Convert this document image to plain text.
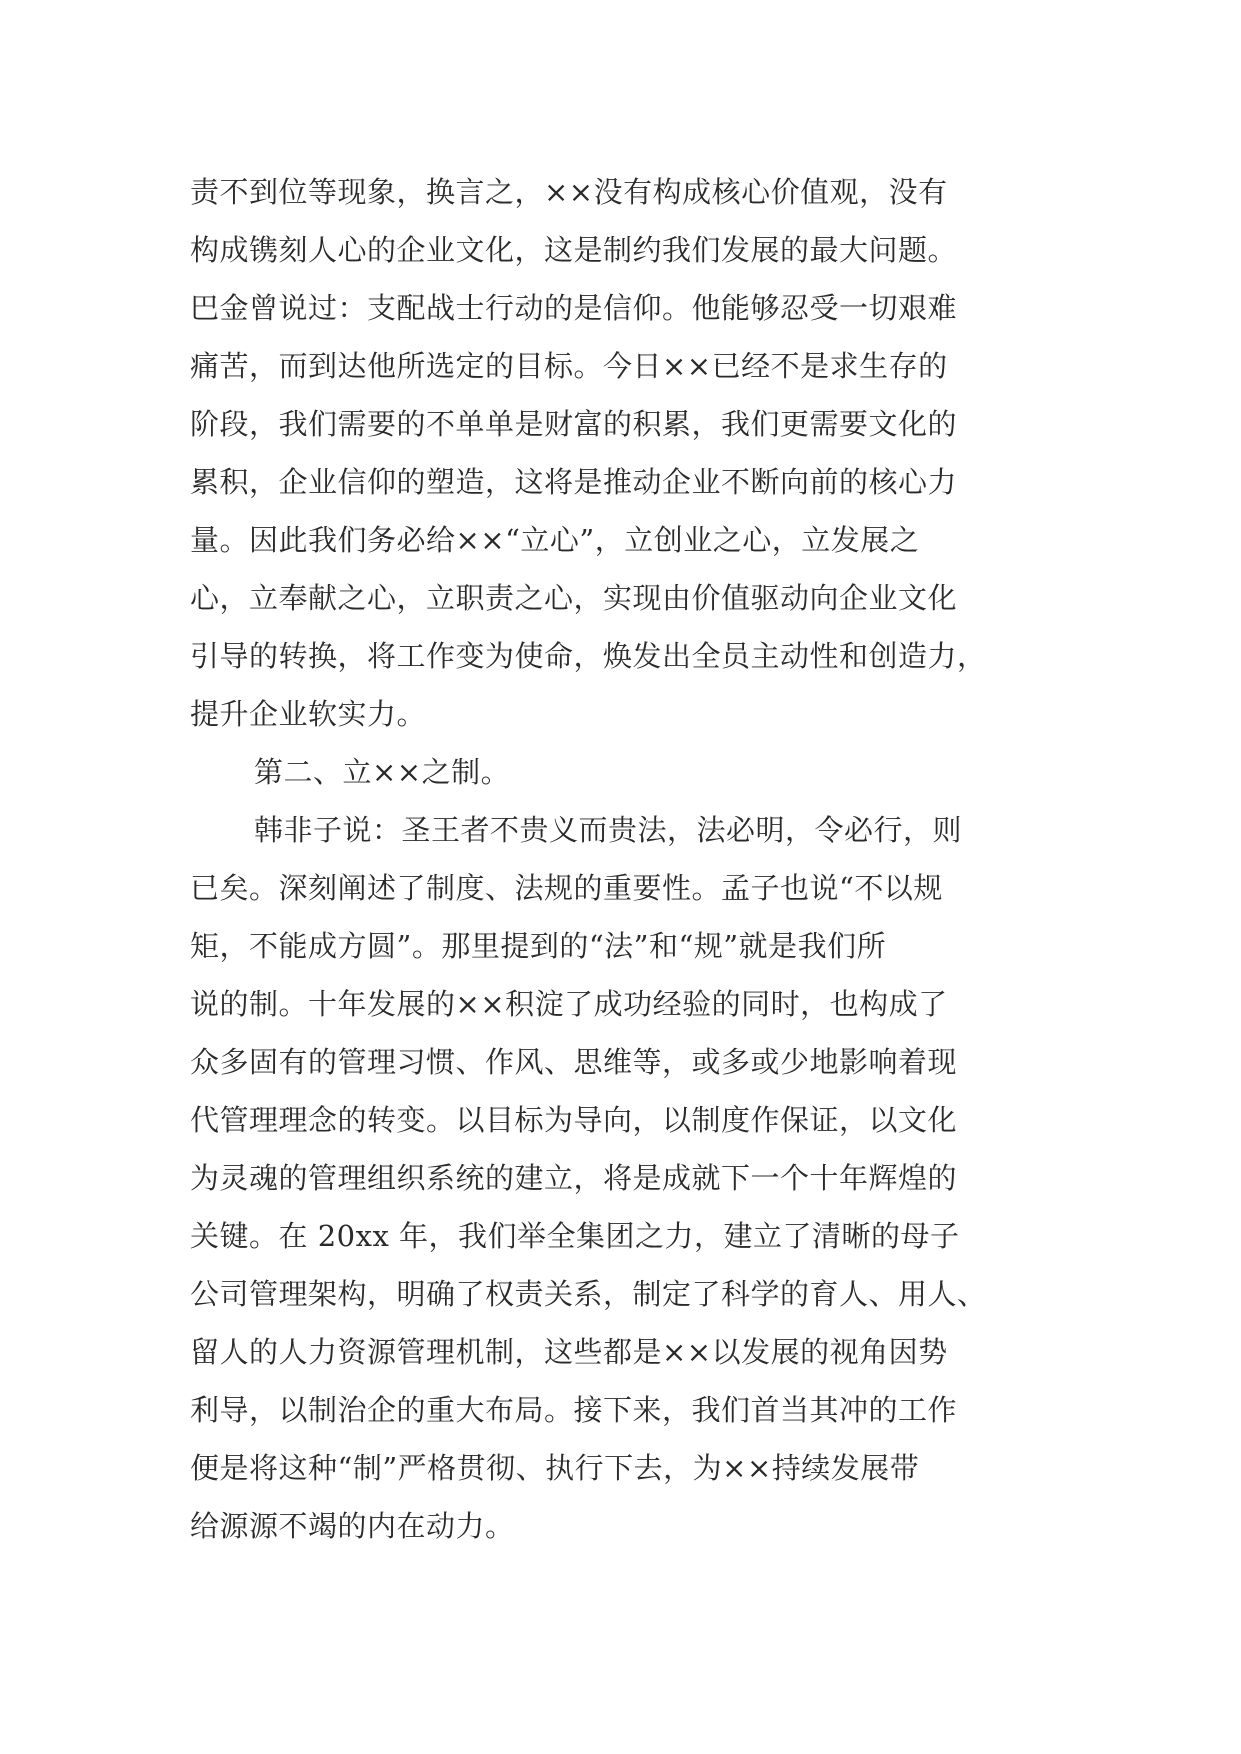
责不到位等现象，换言之，××没有构成核心价值观，没有
构成镌刻人心的企业文化，这是制约我们发展的最大问题。
巴金曾说过：支配战士行动的是信仰。他能够忍受一切艰难
痛苦，而到达他所选定的目标。今日××已经不是求生存的
阶段，我们需要的不单单是财富的积累，我们更需要文化的
累积，企业信仰的塑造，这将是推动企业不断向前的核心力
量。因此我们务必给××“立心”，立创业之心，立发展之
心，立奉献之心，立职责之心，实现由价值驱动向企业文化
引导的转换，将工作变为使命，焕发出全员主动性和创造力，
提升企业软实力。
第二、立××之制。
韩非子说：圣王者不贵义而贵法，法必明，令必行，则
已矣。深刻阐述了制度、法规的重要性。孟子也说“不以规
矩，不能成方圆”。那里提到的“法”和“规”就是我们所
说的制。十年发展的××积淀了成功经验的同时，也构成了
众多固有的管理习惯、作风、思维等，或多或少地影响着现
代管理理念的转变。以目标为导向，以制度作保证，以文化
为灵魂的管理组织系统的建立，将是成就下一个十年辉煌的
关键。在 20xx 年，我们举全集团之力，建立了清晰的母子
公司管理架构，明确了权责关系，制定了科学的育人、用人、
留人的人力资源管理机制，这些都是××以发展的视角因势
利导，以制治企的重大布局。接下来，我们首当其冲的工作
便是将这种“制”严格贯彻、执行下去，为××持续发展带
给源源不竭的内在动力。
